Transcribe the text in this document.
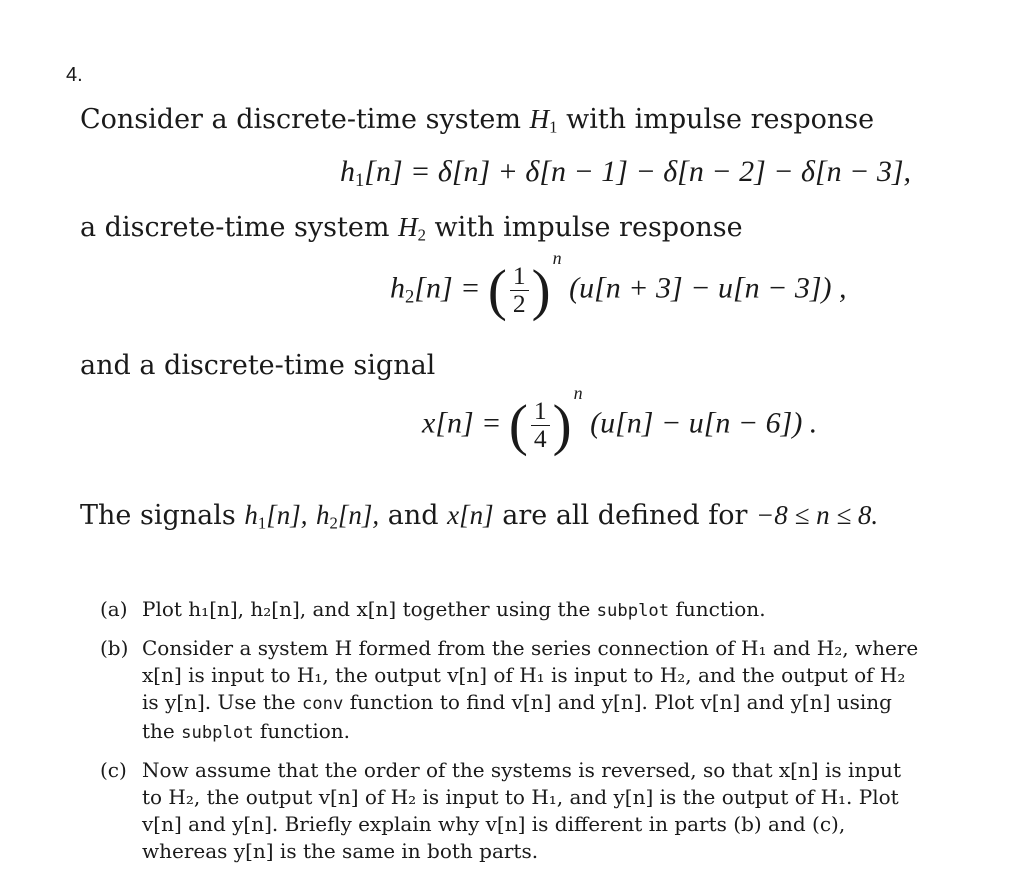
4.
Consider a discrete-time system $H_1$ with impulse response
$h_1[n] = \delta[n] + \delta[n - 1] - \delta[n - 2] - \delta[n - 3]$,
a discrete-time system $H_2$ with impulse response
$h_2[n]$ = ( $\frac{1}{2} )^n$ (u[n + 3] − u[n − 3]) ,
and a discrete-time signal
x[n] = ( $\frac{1}{4} )^n$ (u[n] − u[n − 6]) .
The signals $h_1[n]$, $h_2[n]$, and x[n] are all defined for −8 ≤ n ≤ 8.
(a) Plot h₁[n], h₂[n], and x[n] together using the subplot function.
(b) Consider a system H formed from the series connection of H₁ and H₂, where x[n] is input to H₁, the output v[n] of H₁ is input to H₂, and the output of H₂ is y[n]. Use the conv function to find v[n] and y[n]. Plot v[n] and y[n] using the subplot function.
(c) Now assume that the order of the systems is reversed, so that x[n] is input to H₂, the output v[n] of H₂ is input to H₁, and y[n] is the output of H₁. Plot v[n] and y[n]. Briefly explain why v[n] is different in parts (b) and (c), whereas y[n] is the same in both parts.
